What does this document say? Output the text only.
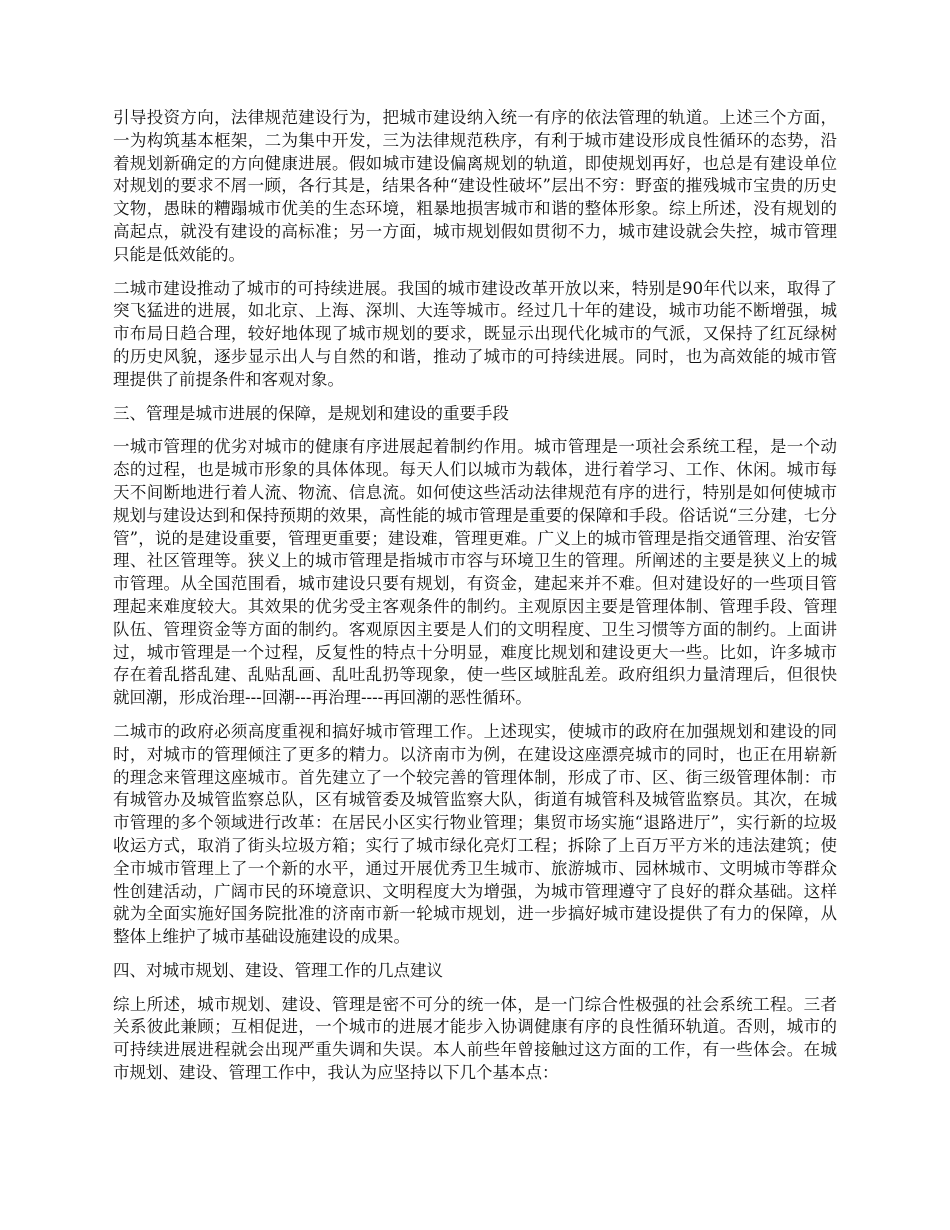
引导投资方向，法律规范建设行为，把城市建设纳入统一有序的依法管理的轨道。上述三个方面，一为构筑基本框架，二为集中开发，三为法律规范秩序，有利于城市建设形成良性循环的态势，沿着规划新确定的方向健康进展。假如城市建设偏离规划的轨道，即使规划再好，也总是有建设单位对规划的要求不屑一顾，各行其是，结果各种“建设性破坏”层出不穷：野蛮的摧残城市宝贵的历史文物，愚昧的糟蹋城市优美的生态环境，粗暴地损害城市和谐的整体形象。综上所述，没有规划的高起点，就没有建设的高标准；另一方面，城市规划假如贯彻不力，城市建设就会失控，城市管理只能是低效能的。

二城市建设推动了城市的可持续进展。我国的城市建设改革开放以来，特别是90年代以来，取得了突飞猛进的进展，如北京、上海、深圳、大连等城市。经过几十年的建设，城市功能不断增强，城市布局日趋合理，较好地体现了城市规划的要求，既显示出现代化城市的气派，又保持了红瓦绿树的历史风貌，逐步显示出人与自然的和谐，推动了城市的可持续进展。同时，也为高效能的城市管理提供了前提条件和客观对象。

三、管理是城市进展的保障，是规划和建设的重要手段

一城市管理的优劣对城市的健康有序进展起着制约作用。城市管理是一项社会系统工程，是一个动态的过程，也是城市形象的具体体现。每天人们以城市为载体，进行着学习、工作、休闲。城市每天不间断地进行着人流、物流、信息流。如何使这些活动法律规范有序的进行，特别是如何使城市规划与建设达到和保持预期的效果，高性能的城市管理是重要的保障和手段。俗话说“三分建，七分管”，说的是建设重要，管理更重要；建设难，管理更难。广义上的城市管理是指交通管理、治安管理、社区管理等。狭义上的城市管理是指城市市容与环境卫生的管理。所阐述的主要是狭义上的城市管理。从全国范围看，城市建设只要有规划，有资金，建起来并不难。但对建设好的一些项目管理起来难度较大。其效果的优劣受主客观条件的制约。主观原因主要是管理体制、管理手段、管理队伍、管理资金等方面的制约。客观原因主要是人们的文明程度、卫生习惯等方面的制约。上面讲过，城市管理是一个过程，反复性的特点十分明显，难度比规划和建设更大一些。比如，许多城市存在着乱搭乱建、乱贴乱画、乱吐乱扔等现象，使一些区域脏乱差。政府组织力量清理后，但很快就回潮，形成治理---回潮---再治理----再回潮的恶性循环。

二城市的政府必须高度重视和搞好城市管理工作。上述现实，使城市的政府在加强规划和建设的同时，对城市的管理倾注了更多的精力。以济南市为例，在建设这座漂亮城市的同时，也正在用崭新的理念来管理这座城市。首先建立了一个较完善的管理体制，形成了市、区、街三级管理体制：市有城管办及城管监察总队，区有城管委及城管监察大队，街道有城管科及城管监察员。其次，在城市管理的多个领域进行改革：在居民小区实行物业管理；集贸市场实施“退路进厅”，实行新的垃圾收运方式，取消了街头垃圾方箱；实行了城市绿化亮灯工程；拆除了上百万平方米的违法建筑；使全市城市管理上了一个新的水平，通过开展优秀卫生城市、旅游城市、园林城市、文明城市等群众性创建活动，广阔市民的环境意识、文明程度大为增强，为城市管理遵守了良好的群众基础。这样就为全面实施好国务院批准的济南市新一轮城市规划，进一步搞好城市建设提供了有力的保障，从整体上维护了城市基础设施建设的成果。

四、对城市规划、建设、管理工作的几点建议

综上所述，城市规划、建设、管理是密不可分的统一体，是一门综合性极强的社会系统工程。三者关系彼此兼顾；互相促进，一个城市的进展才能步入协调健康有序的良性循环轨道。否则，城市的可持续进展进程就会出现严重失调和失误。本人前些年曾接触过这方面的工作，有一些体会。在城市规划、建设、管理工作中，我认为应坚持以下几个基本点：
